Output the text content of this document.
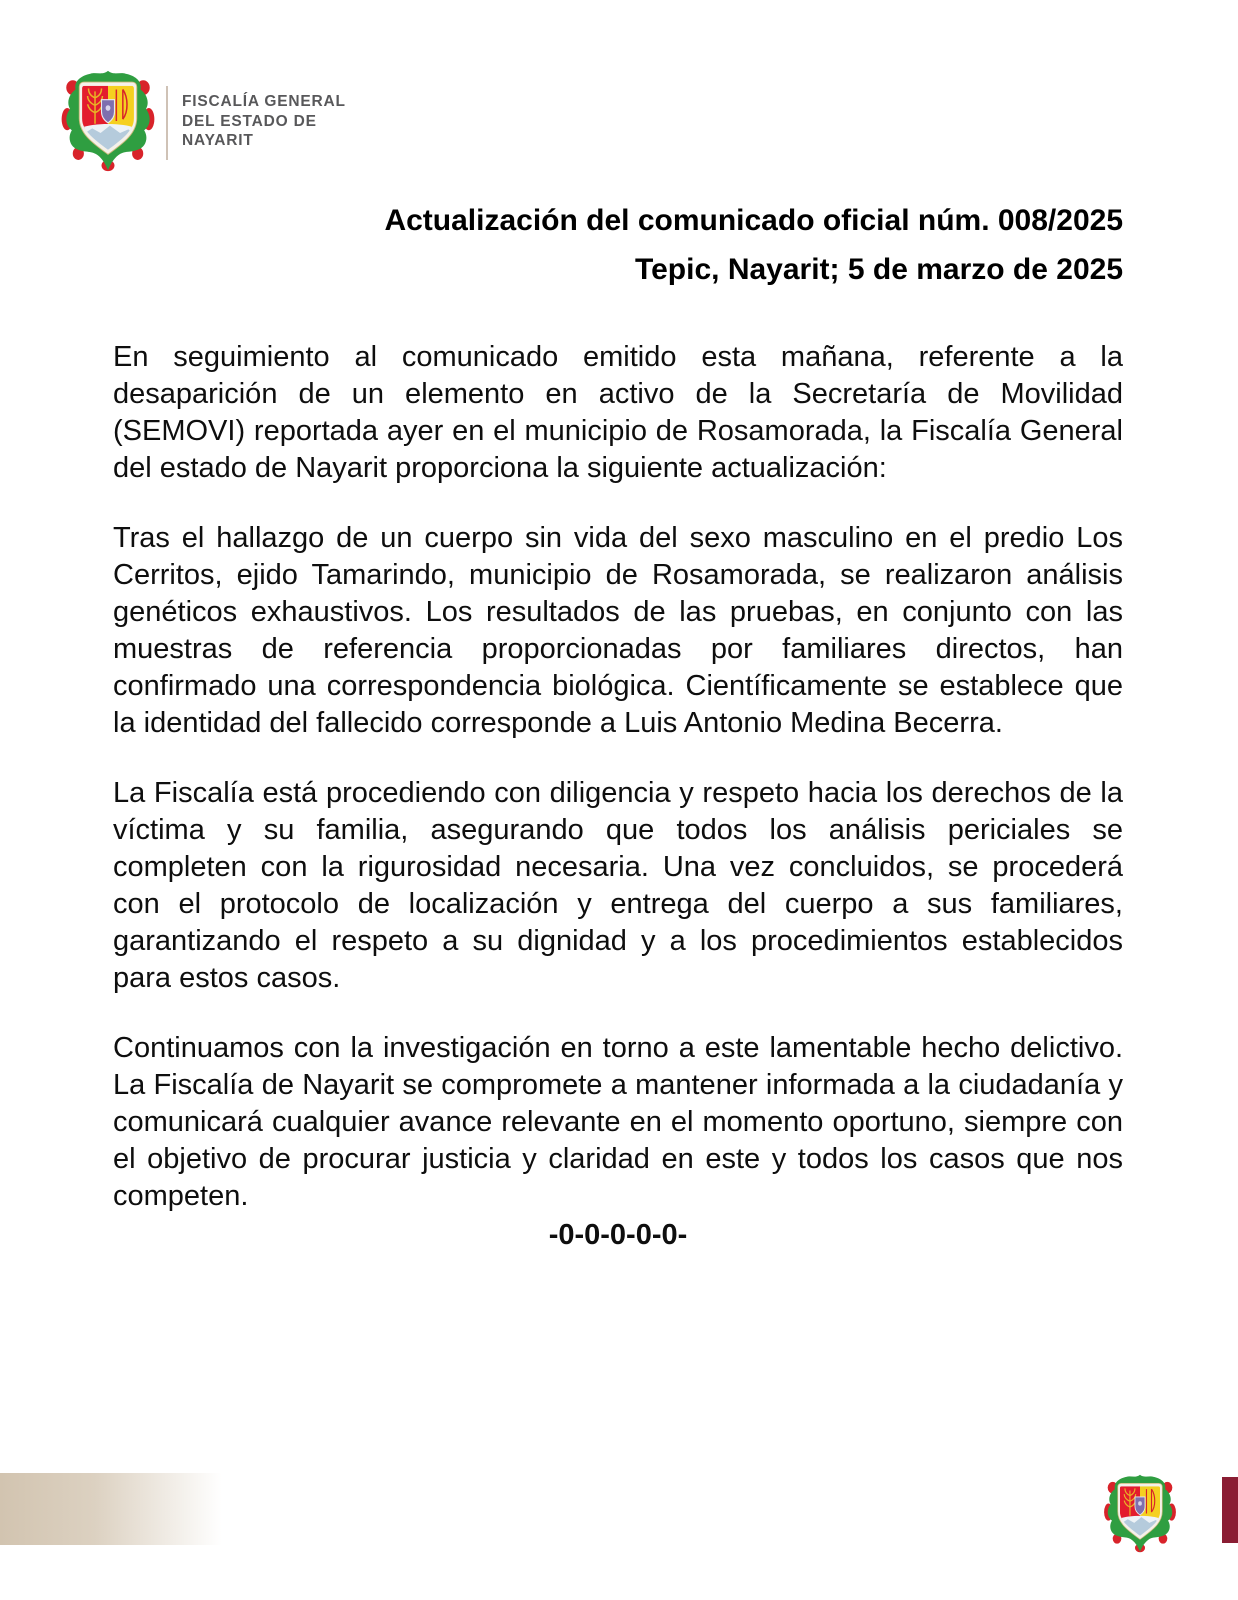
FISCALÍA GENERAL
DEL ESTADO DE
NAYARIT
Actualización del comunicado oficial núm. 008/2025
Tepic, Nayarit; 5 de marzo de 2025

En seguimiento al comunicado emitido esta mañana, referente a la desaparición de un elemento en activo de la Secretaría de Movilidad (SEMOVI) reportada ayer en el municipio de Rosamorada, la Fiscalía General del estado de Nayarit proporciona la siguiente actualización:

Tras el hallazgo de un cuerpo sin vida del sexo masculino en el predio Los Cerritos, ejido Tamarindo, municipio de Rosamorada, se realizaron análisis genéticos exhaustivos. Los resultados de las pruebas, en conjunto con las muestras de referencia proporcionadas por familiares directos, han confirmado una correspondencia biológica. Científicamente se establece que la identidad del fallecido corresponde a Luis Antonio Medina Becerra.

La Fiscalía está procediendo con diligencia y respeto hacia los derechos de la víctima y su familia, asegurando que todos los análisis periciales se completen con la rigurosidad necesaria. Una vez concluidos, se procederá con el protocolo de localización y entrega del cuerpo a sus familiares, garantizando el respeto a su dignidad y a los procedimientos establecidos para estos casos.

Continuamos con la investigación en torno a este lamentable hecho delictivo. La Fiscalía de Nayarit se compromete a mantener informada a la ciudadanía y comunicará cualquier avance relevante en el momento oportuno, siempre con el objetivo de procurar justicia y claridad en este y todos los casos que nos competen.

-0-0-0-0-0-
